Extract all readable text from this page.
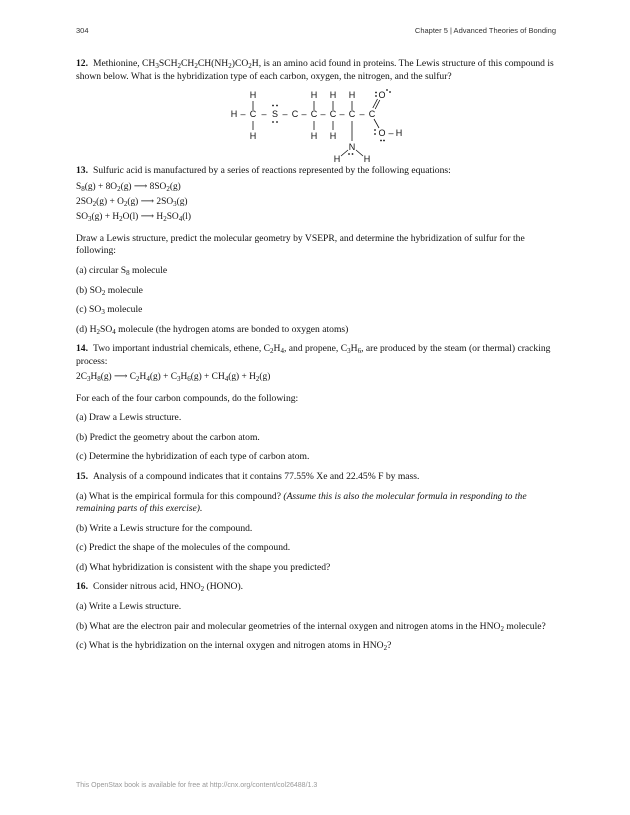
304	Chapter 5 | Advanced Theories of Bonding

12. Methionine, $CH_3SCH_2CH_2CH(NH_2)CO_2H$, is an amino acid found in proteins. The Lewis structure of this compound is shown below. What is the hybridization type of each carbon, oxygen, the nitrogen, and the sulfur?

H	H H H
H – C – S – C – C – C – C – C
O
O – H
H	H H
N
H	H

13. Sulfuric acid is manufactured by a series of reactions represented by the following equations:

$S_8(g) + 8O_2(g)$ ⟶ $8SO_2(g)$
$2SO_2(g) + O_2(g)$ ⟶ $2SO_3(g)$
$SO_3(g) + H_2O(l)$ ⟶ $H_2SO_4(l)$

Draw a Lewis structure, predict the molecular geometry by VSEPR, and determine the hybridization of sulfur for the following:

(a) circular $S_8$ molecule

(b) $SO_2$ molecule

(c) $SO_3$ molecule

(d) $H_2SO_4$ molecule (the hydrogen atoms are bonded to oxygen atoms)

14. Two important industrial chemicals, ethene, $C_2H_4$, and propene, $C_3H_6$, are produced by the steam (or thermal) cracking process:

$2C_3H_8(g)$ ⟶ $C_2H_4(g) + C_3H_6(g) + CH_4(g) + H_2(g)$

For each of the four carbon compounds, do the following:

(a) Draw a Lewis structure.

(b) Predict the geometry about the carbon atom.

(c) Determine the hybridization of each type of carbon atom.

15. Analysis of a compound indicates that it contains 77.55% Xe and 22.45% F by mass.

(a) What is the empirical formula for this compound? (Assume this is also the molecular formula in responding to the remaining parts of this exercise).

(b) Write a Lewis structure for the compound.

(c) Predict the shape of the molecules of the compound.

(d) What hybridization is consistent with the shape you predicted?

16. Consider nitrous acid, $HNO_2$ (HONO).

(a) Write a Lewis structure.

(b) What are the electron pair and molecular geometries of the internal oxygen and nitrogen atoms in the $HNO_2$ molecule?

(c) What is the hybridization on the internal oxygen and nitrogen atoms in $HNO_2$?

This OpenStax book is available for free at http://cnx.org/content/col26488/1.3
